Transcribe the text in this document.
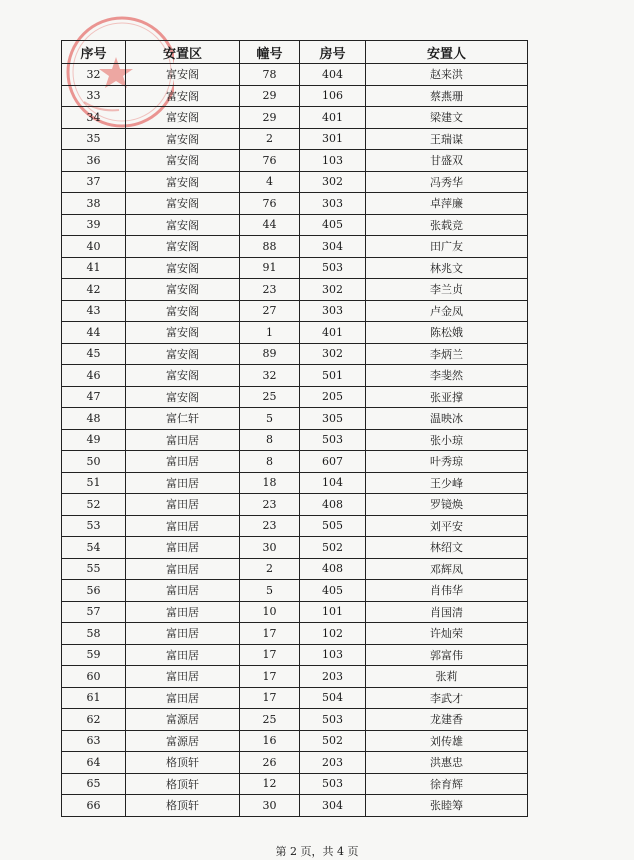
序号	安置区	幢号	房号	安置人
32	富安阁	78	404	赵来洪
33	富安阁	29	106	蔡燕珊
34	富安阁	29	401	梁建文
35	富安阁	2	301	王瑞谋
36	富安阁	76	103	甘盛双
37	富安阁	4	302	冯秀华
38	富安阁	76	303	卓萍廉
39	富安阁	44	405	张载竞
40	富安阁	88	304	田广友
41	富安阁	91	503	林兆文
42	富安阁	23	302	李兰贞
43	富安阁	27	303	卢金凤
44	富安阁	1	401	陈松娥
45	富安阁	89	302	李炳兰
46	富安阁	32	501	李斐然
47	富安阁	25	205	张亚撑
48	富仁轩	5	305	温映冰
49	富田居	8	503	张小琼
50	富田居	8	607	叶秀琼
51	富田居	18	104	王少峰
52	富田居	23	408	罗镜焕
53	富田居	23	505	刘平安
54	富田居	30	502	林绍文
55	富田居	2	408	邓辉凤
56	富田居	5	405	肖伟华
57	富田居	10	101	肖国清
58	富田居	17	102	许灿荣
59	富田居	17	103	郭富伟
60	富田居	17	203	张莉
61	富田居	17	504	李武才
62	富源居	25	503	龙建香
63	富源居	16	502	刘传雄
64	格顶轩	26	203	洪惠忠
65	格顶轩	12	503	徐育辉
66	格顶轩	30	304	张睦筹
第 2 页，共 4 页
